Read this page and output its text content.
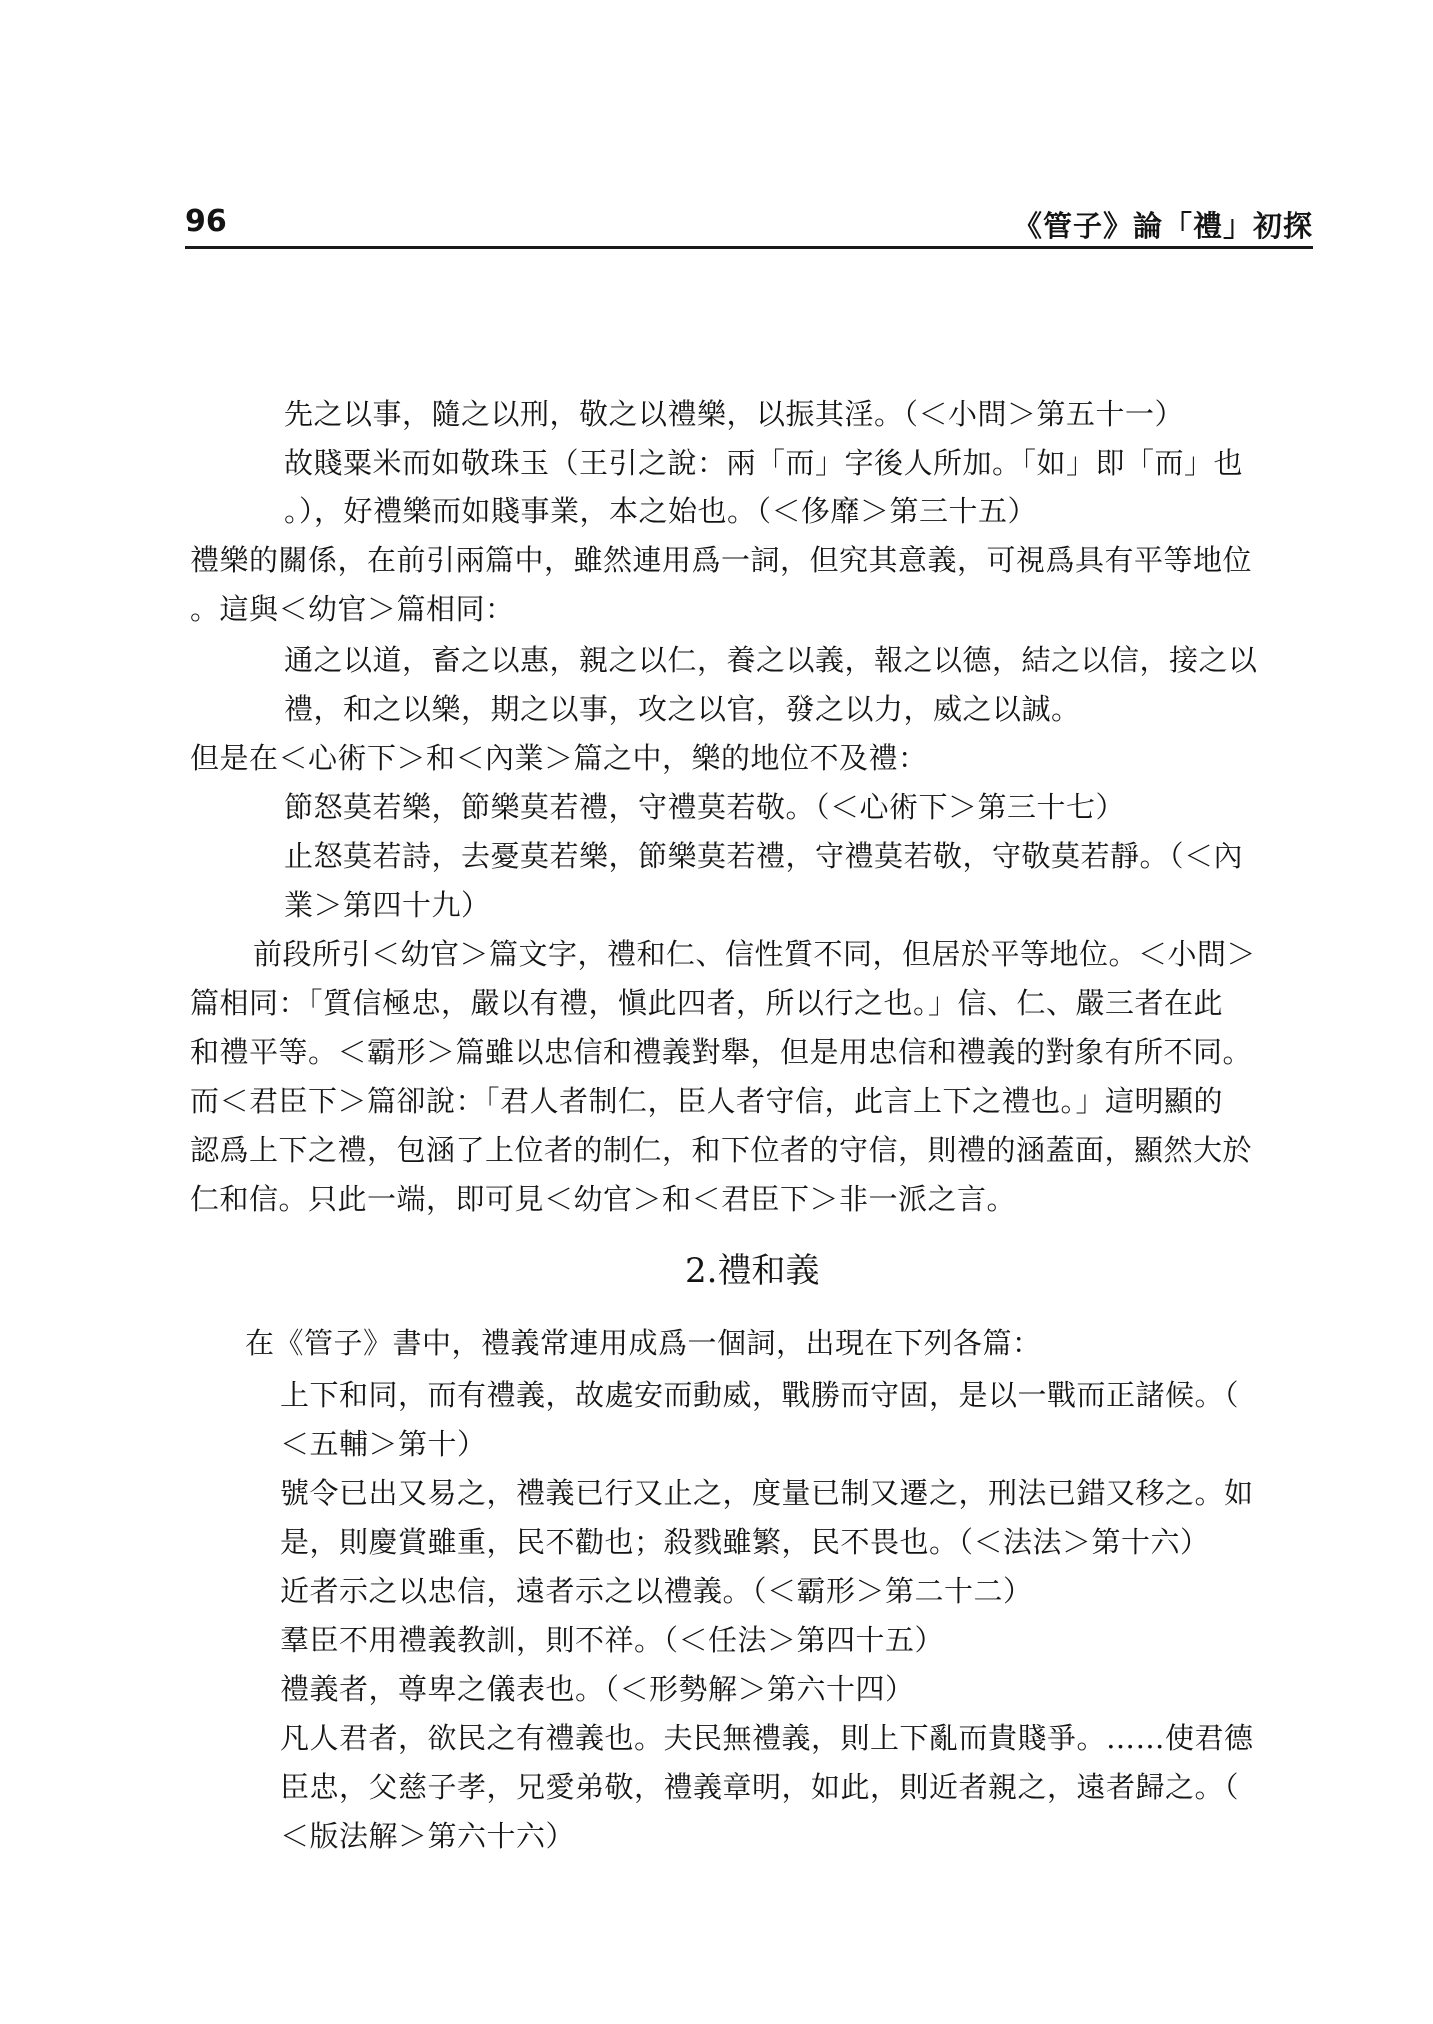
96	《管子》論「禮」初探
先之以事，隨之以刑，敬之以禮樂，以振其淫。（＜小問＞第五十一）
故賤粟米而如敬珠玉（王引之說：兩「而」字後人所加。「如」即「而」也
。），好禮樂而如賤事業，本之始也。（＜侈靡＞第三十五）
禮樂的關係，在前引兩篇中，雖然連用爲一詞，但究其意義，可視爲具有平等地位
。這與＜幼官＞篇相同：
通之以道，畜之以惠，親之以仁，養之以義，報之以德，結之以信，接之以
禮，和之以樂，期之以事，攻之以官，發之以力，威之以誠。
但是在＜心術下＞和＜內業＞篇之中，樂的地位不及禮：
節怒莫若樂，節樂莫若禮，守禮莫若敬。（＜心術下＞第三十七）
止怒莫若詩，去憂莫若樂，節樂莫若禮，守禮莫若敬，守敬莫若靜。（＜內
業＞第四十九）
前段所引＜幼官＞篇文字，禮和仁、信性質不同，但居於平等地位。＜小問＞
篇相同：「質信極忠，嚴以有禮，愼此四者，所以行之也。」信、仁、嚴三者在此
和禮平等。＜霸形＞篇雖以忠信和禮義對舉，但是用忠信和禮義的對象有所不同。
而＜君臣下＞篇卻說：「君人者制仁，臣人者守信，此言上下之禮也。」這明顯的
認爲上下之禮，包涵了上位者的制仁，和下位者的守信，則禮的涵蓋面，顯然大於
仁和信。只此一端，即可見＜幼官＞和＜君臣下＞非一派之言。
2.禮和義
在《管子》書中，禮義常連用成爲一個詞，出現在下列各篇：
上下和同，而有禮義，故處安而動威，戰勝而守固，是以一戰而正諸候。（
＜五輔＞第十）
號令已出又易之，禮義已行又止之，度量已制又遷之，刑法已錯又移之。如
是，則慶賞雖重，民不勸也；殺戮雖繁，民不畏也。（＜法法＞第十六）
近者示之以忠信，遠者示之以禮義。（＜霸形＞第二十二）
羣臣不用禮義教訓，則不祥。（＜任法＞第四十五）
禮義者，尊卑之儀表也。（＜形勢解＞第六十四）
凡人君者，欲民之有禮義也。夫民無禮義，則上下亂而貴賤爭。……使君德
臣忠，父慈子孝，兄愛弟敬，禮義章明，如此，則近者親之，遠者歸之。（
＜版法解＞第六十六）
